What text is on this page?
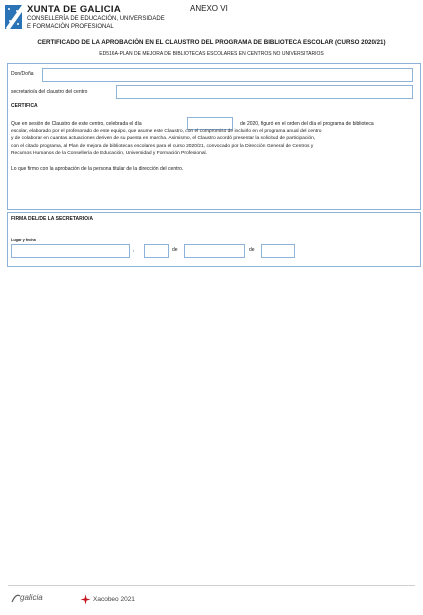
XUNTA DE GALICIA
CONSELLERÍA DE EDUCACIÓN, UNIVERSIDADE
E FORMACIÓN PROFESIONAL
ANEXO VI
CERTIFICADO DE LA APROBACIÓN EN EL CLAUSTRO DEL PROGRAMA DE BIBLIOTECA ESCOLAR (CURSO 2020/21)
ED516A-PLAN DE MEJORA DE BIBLIOTECAS ESCOLARES EN CENTROS NO UNIVERSITARIOS
Don/Doña
secretario/a del claustro del centro
CERTIFICA
Que en sesión de Claustro de este centro, celebrada el día	de 2020, figuró en el orden del día el programa de biblioteca
escolar, elaborado por el profesorado de este equipo, que asume este Claustro, con el compromiso de incluirlo en el programa anual del centro
y de colaborar en cuantas actuaciones deriven de su puesta en marcha. Asimismo, el Claustro acordó presentar la solicitud de participación,
con el citado programa, al Plan de mejora de bibliotecas escolares para el curso 2020/21, convocado por la Dirección General de Centros y
Recursos Humanos de la Consellería de Educación, Universidad y Formación Profesional.
Lo que firmo con la aprobación de la persona titular de la dirección del centro.
FIRMA DEL/DE LA SECRETARIO/A
Lugar y fecha
,	de	de
galicia	Xacobeo 2021
